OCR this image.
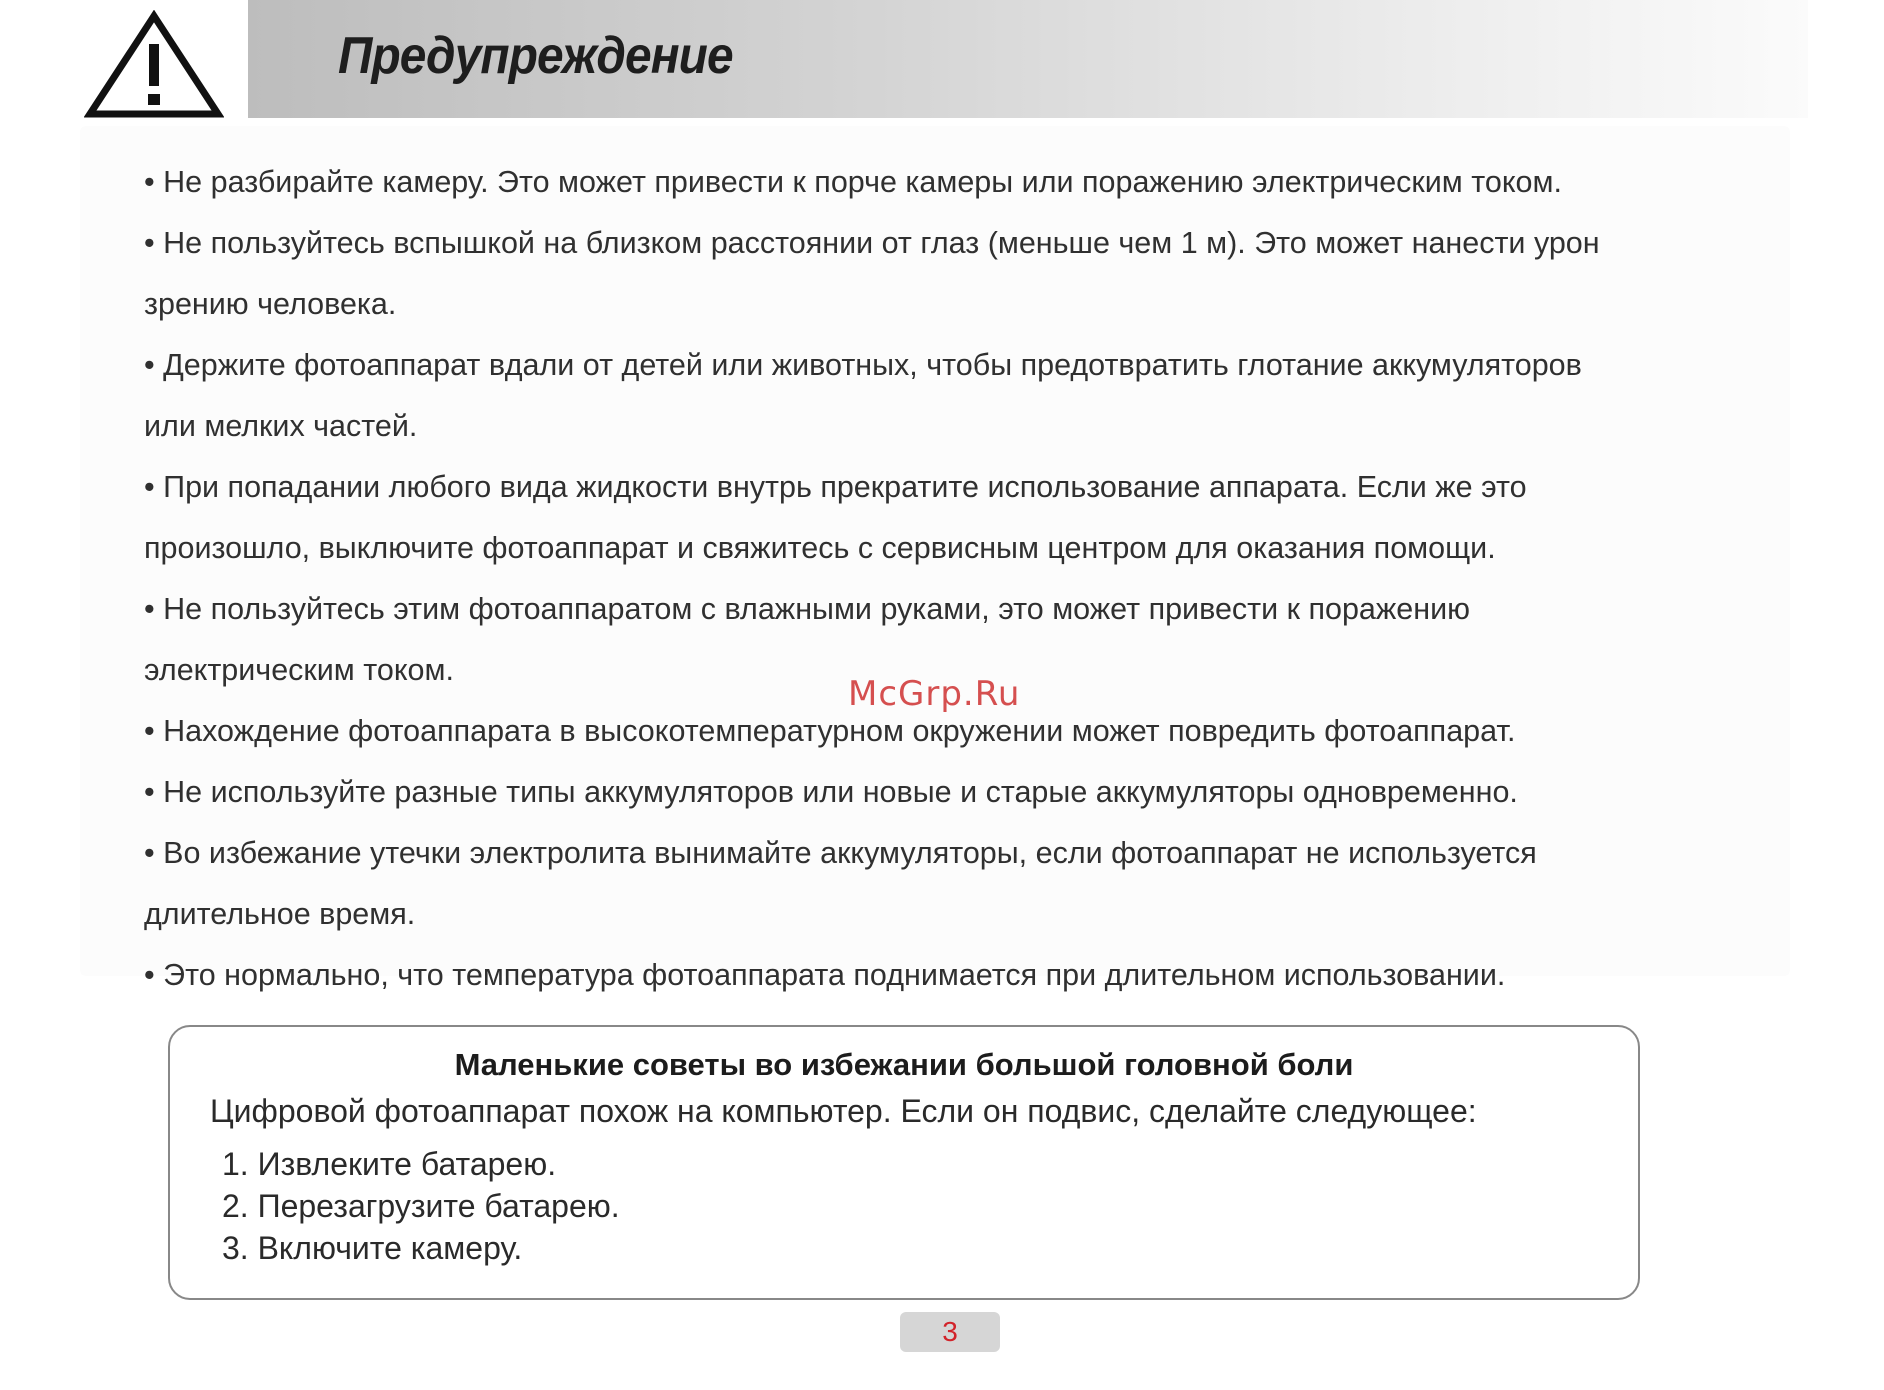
Предупреждение
• Не разбирайте камеру. Это может привести к порче камеры или поражению электрическим током.
• Не пользуйтесь вспышкой на близком расстоянии от глаз (меньше чем 1 м). Это может нанести урон
зрению человека.
• Держите фотоаппарат вдали от детей или животных, чтобы предотвратить глотание аккумуляторов
или мелких частей.
• При попадании любого вида жидкости внутрь прекратите использование аппарата. Если же это
произошло, выключите фотоаппарат и свяжитесь с сервисным центром для оказания помощи.
• Не пользуйтесь этим фотоаппаратом с влажными руками, это может привести к поражению
электрическим током.
• Нахождение фотоаппарата в высокотемпературном окружении может повредить фотоаппарат.
• Не используйте разные типы аккумуляторов или новые и старые аккумуляторы одновременно.
• Во избежание утечки электролита вынимайте аккумуляторы, если фотоаппарат не используется
длительное время.
• Это нормально, что температура фотоаппарата поднимается при длительном использовании.
McGrp.Ru
Маленькие советы во избежании большой головной боли
Цифровой фотоаппарат похож на компьютер. Если он подвис, сделайте следующее:
1. Извлеките батарею.
2. Перезагрузите батарею.
3. Включите камеру.
3
